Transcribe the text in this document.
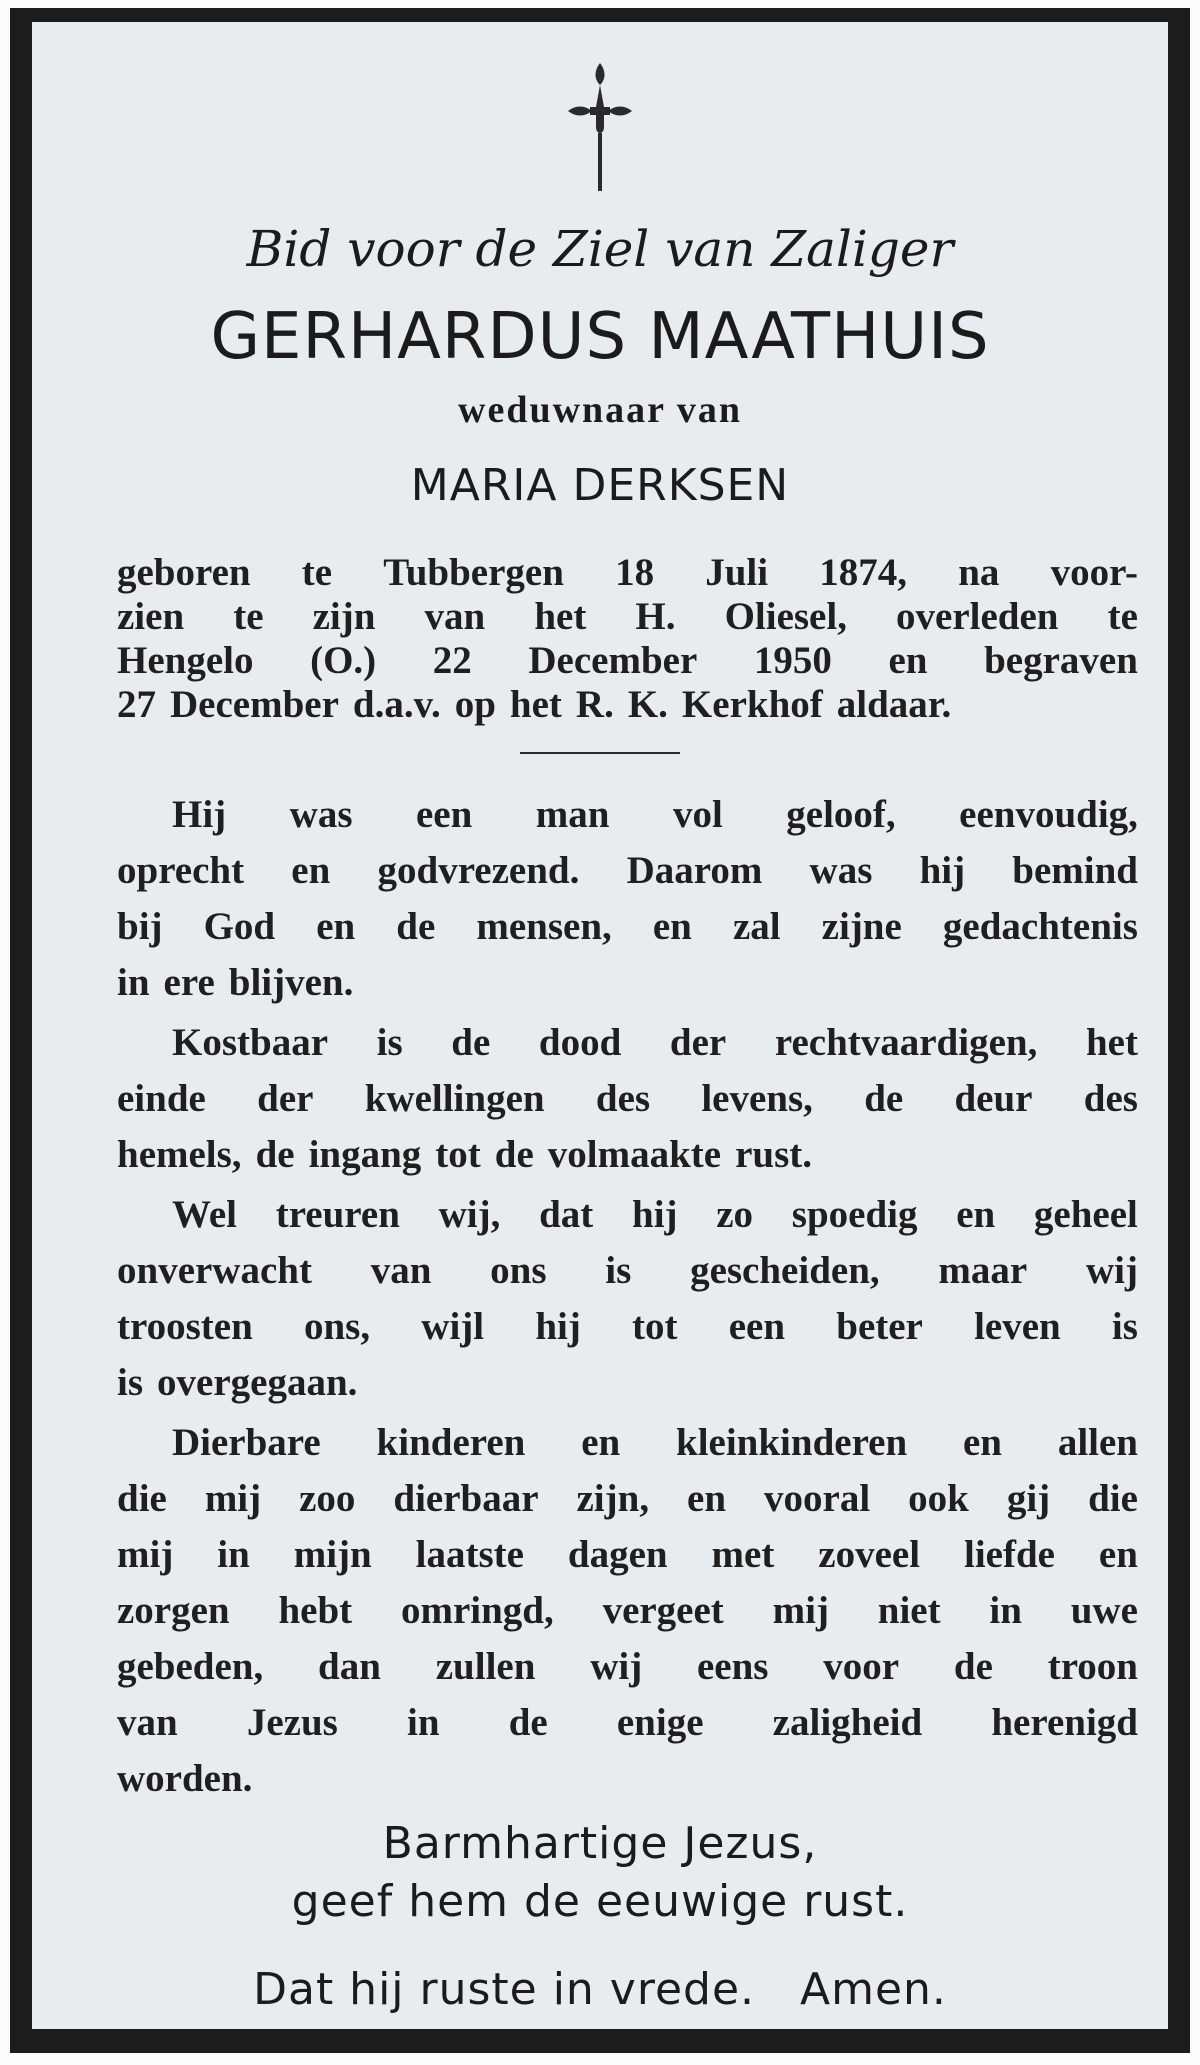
Bid voor de Ziel van Zaliger
GERHARDUS MAATHUIS
weduwnaar van
MARIA DERKSEN
geboren te Tubbergen 18 Juli 1874, na voor-
zien te zijn van het H. Oliesel, overleden te
Hengelo (O.) 22 December 1950 en begraven
27 December d.a.v. op het R. K. Kerkhof aldaar.
Hij was een man vol geloof, eenvoudig,
oprecht en godvrezend. Daarom was hij bemind
bij God en de mensen, en zal zijne gedachtenis
in ere blijven.
Kostbaar is de dood der rechtvaardigen, het
einde der kwellingen des levens, de deur des
hemels, de ingang tot de volmaakte rust.
Wel treuren wij, dat hij zo spoedig en geheel
onverwacht van ons is gescheiden, maar wij
troosten ons, wijl hij tot een beter leven is
is overgegaan.
Dierbare kinderen en kleinkinderen en allen
die mij zoo dierbaar zijn, en vooral ook gij die
mij in mijn laatste dagen met zoveel liefde en
zorgen hebt omringd, vergeet mij niet in uwe
gebeden, dan zullen wij eens voor de troon
van Jezus in de enige zaligheid herenigd
worden.
Barmhartige Jezus,
geef hem de eeuwige rust.
Dat hij ruste in vrede.   Amen.
